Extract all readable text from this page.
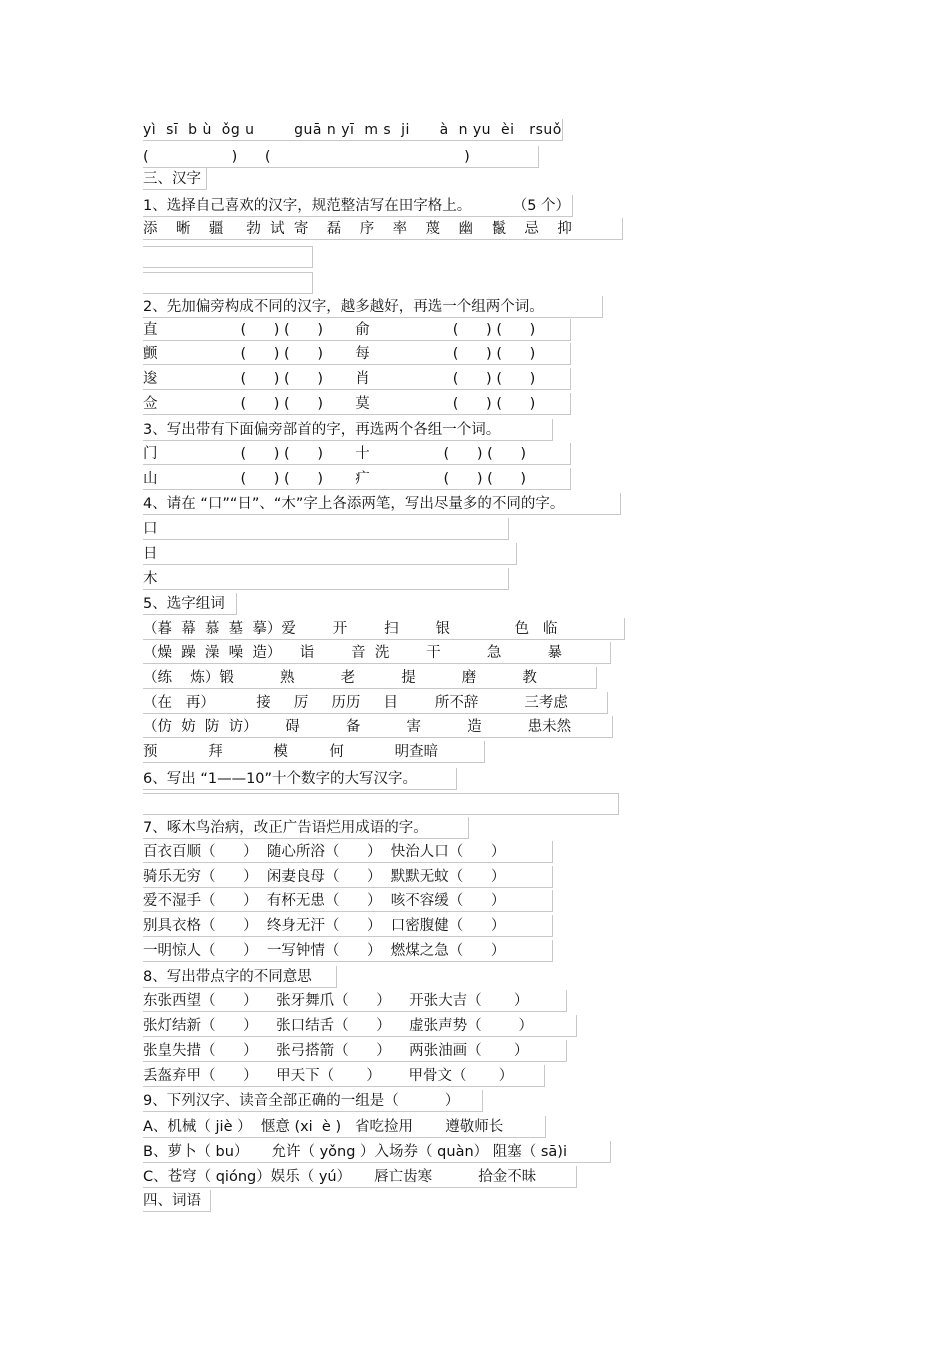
yì  sī  b ù  ǒg u        guā n yī  m s  ji      à  n yu  èi   rsuǒ
(                  )      (                                          )
三、汉字
1、选择自己喜欢的汉字，规范整洁写在田字格上。         （5 个）
添    晰    疆     勃  试  寄    磊    序    率    蔑    幽    鬣    忌    抑
2、先加偏旁构成不同的汉字，越多越好，再选一个组两个词。
直                  (      ) (      )       俞                  (      ) (      )
颤                  (      ) (      )       每                  (      ) (      )
逡                  (      ) (      )       肖                  (      ) (      )
佥                  (      ) (      )       莫                  (      ) (      )
3、写出带有下面偏旁部首的字，再选两个各组一个词。
门                  (      ) (      )       十                (      ) (      )
山                  (      ) (      )       疒                (      ) (      )
4、请在 “口”“日”、“木”字上各添两笔，写出尽量多的不同的字。
口
日
木
5、选字组词
（暮  幕  慕  墓  摹）爱        开        扫        银              色   临
（燥  躁  澡  噪  造）    诣        音  洗        干          急          暴
（练    炼）锻          熟          老          提          磨          教
（在   再）         接     厉     历历     目        所不辞          三考虑
（仿  妨  防  访）      碍          备          害          造          患未然
预           拜           模         何           明查暗
6、写出 “1——10”十个数字的大写汉字。
7、啄木鸟治病，改正广告语烂用成语的字。
百衣百顺（      ）  随心所浴（      ）  快治人口（      ）
骑乐无穷（      ）  闲妻良母（      ）  默默无蚊（      ）
爱不湿手（      ）  有杯无患（      ）  咳不容缓（      ）
别具衣格（      ）  终身无汗（      ）  口密腹健（      ）
一明惊人（      ）  一写钟情（      ）  燃煤之急（      ）
8、写出带点字的不同意思
东张西望（      ）    张牙舞爪（      ）    开张大吉（       ）
张灯结新（      ）    张口结舌（      ）    虚张声势（        ）
张皇失措（      ）    张弓搭箭（      ）    两张油画（       ）
丢盔弃甲（      ）    甲天下（       ）      甲骨文（       ）
9、下列汉字、读音全部正确的一组是（          ）
A、机械（ jiè ）  惬意 (xi  è )   省吃捡用       遵敬师长
B、萝卜（ bu）     允许（ yǒng ）入场券（ quàn） 阻塞（ sā)i
C、苍穹（ qióng）娱乐（ yú）     唇亡齿寒          拾金不昧
四、词语
